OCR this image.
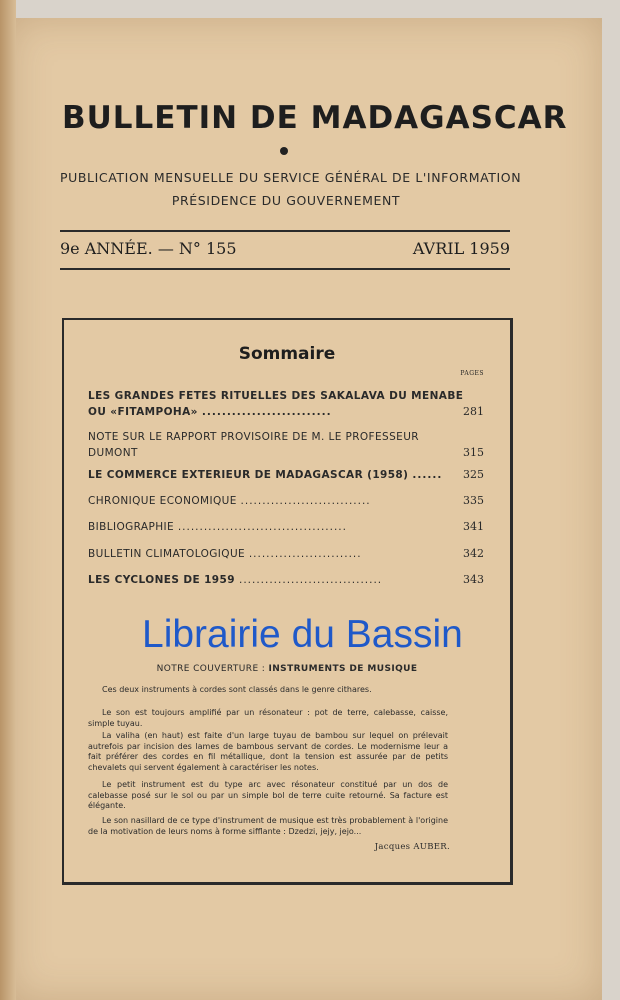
BULLETIN DE MADAGASCAR
PUBLICATION MENSUELLE DU SERVICE GÉNÉRAL DE L'INFORMATION
PRÉSIDENCE DU GOUVERNEMENT
9e ANNÉE. — N° 155	AVRIL 1959
Sommaire
PAGES
LES GRANDES FETES RITUELLES DES SAKALAVA DU MENABE
OU «FITAMPOHA» ..........................	281
NOTE SUR LE RAPPORT PROVISOIRE DE M. LE PROFESSEUR
DUMONT	315
LE COMMERCE EXTERIEUR DE MADAGASCAR (1958) ......	325
CHRONIQUE ECONOMIQUE ..............................	335
BIBLIOGRAPHIE .......................................	341
BULLETIN CLIMATOLOGIQUE ..........................	342
LES CYCLONES DE 1959 .................................	343
NOTRE COUVERTURE : INSTRUMENTS DE MUSIQUE
Ces deux instruments à cordes sont classés dans le genre cithares.
Le son est toujours amplifié par un résonateur : pot de terre, calebasse, caisse, simple tuyau.
La valiha (en haut) est faite d'un large tuyau de bambou sur lequel on prélevait autrefois par incision des lames de bambous servant de cordes. Le modernisme leur a fait préférer des cordes en fil métallique, dont la tension est assurée par de petits chevalets qui servent également à caractériser les notes.
Le petit instrument est du type arc avec résonateur constitué par un dos de calebasse posé sur le sol ou par un simple bol de terre cuite retourné. Sa facture est élégante.
Le son nasillard de ce type d'instrument de musique est très probablement à l'origine de la motivation de leurs noms à forme sifflante : Dzedzi, jejy, jejo...
Jacques AUBER.
Librairie du Bassin
